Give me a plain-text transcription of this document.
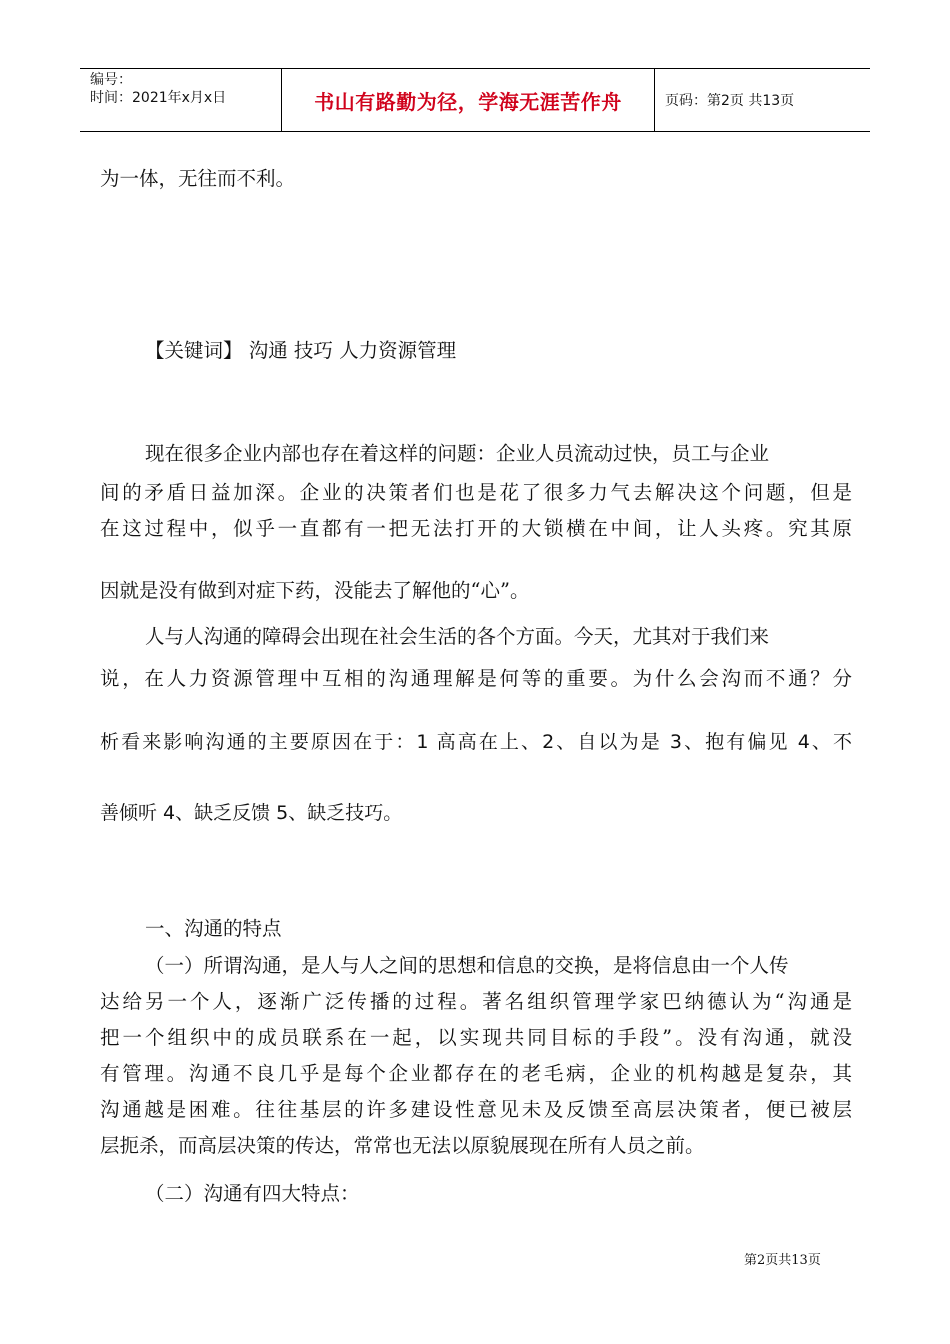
编号：
时间：2021年x月x日	书山有路勤为径，学海无涯苦作舟	页码：第2页 共13页
为一体，无往而不利。
【关键词】 沟通 技巧 人力资源管理
现在很多企业内部也存在着这样的问题：企业人员流动过快，员工与企业
间的矛盾日益加深。企业的决策者们也是花了很多力气去解决这个问题，但是
在这过程中，似乎一直都有一把无法打开的大锁横在中间，让人头疼。究其原
因就是没有做到对症下药，没能去了解他的“心”。
人与人沟通的障碍会出现在社会生活的各个方面。今天，尤其对于我们来
说，在人力资源管理中互相的沟通理解是何等的重要。为什么会沟而不通？分
析看来影响沟通的主要原因在于：1 高高在上、2、自以为是 3、抱有偏见 4、不
善倾听 4、缺乏反馈 5、缺乏技巧。
一、沟通的特点
（一）所谓沟通，是人与人之间的思想和信息的交换，是将信息由一个人传
达给另一个人，逐渐广泛传播的过程。著名组织管理学家巴纳德认为“沟通是
把一个组织中的成员联系在一起，以实现共同目标的手段”。没有沟通，就没
有管理。沟通不良几乎是每个企业都存在的老毛病，企业的机构越是复杂，其
沟通越是困难。往往基层的许多建设性意见未及反馈至高层决策者，便已被层
层扼杀，而高层决策的传达，常常也无法以原貌展现在所有人员之前。
（二）沟通有四大特点：
第2页共13页
